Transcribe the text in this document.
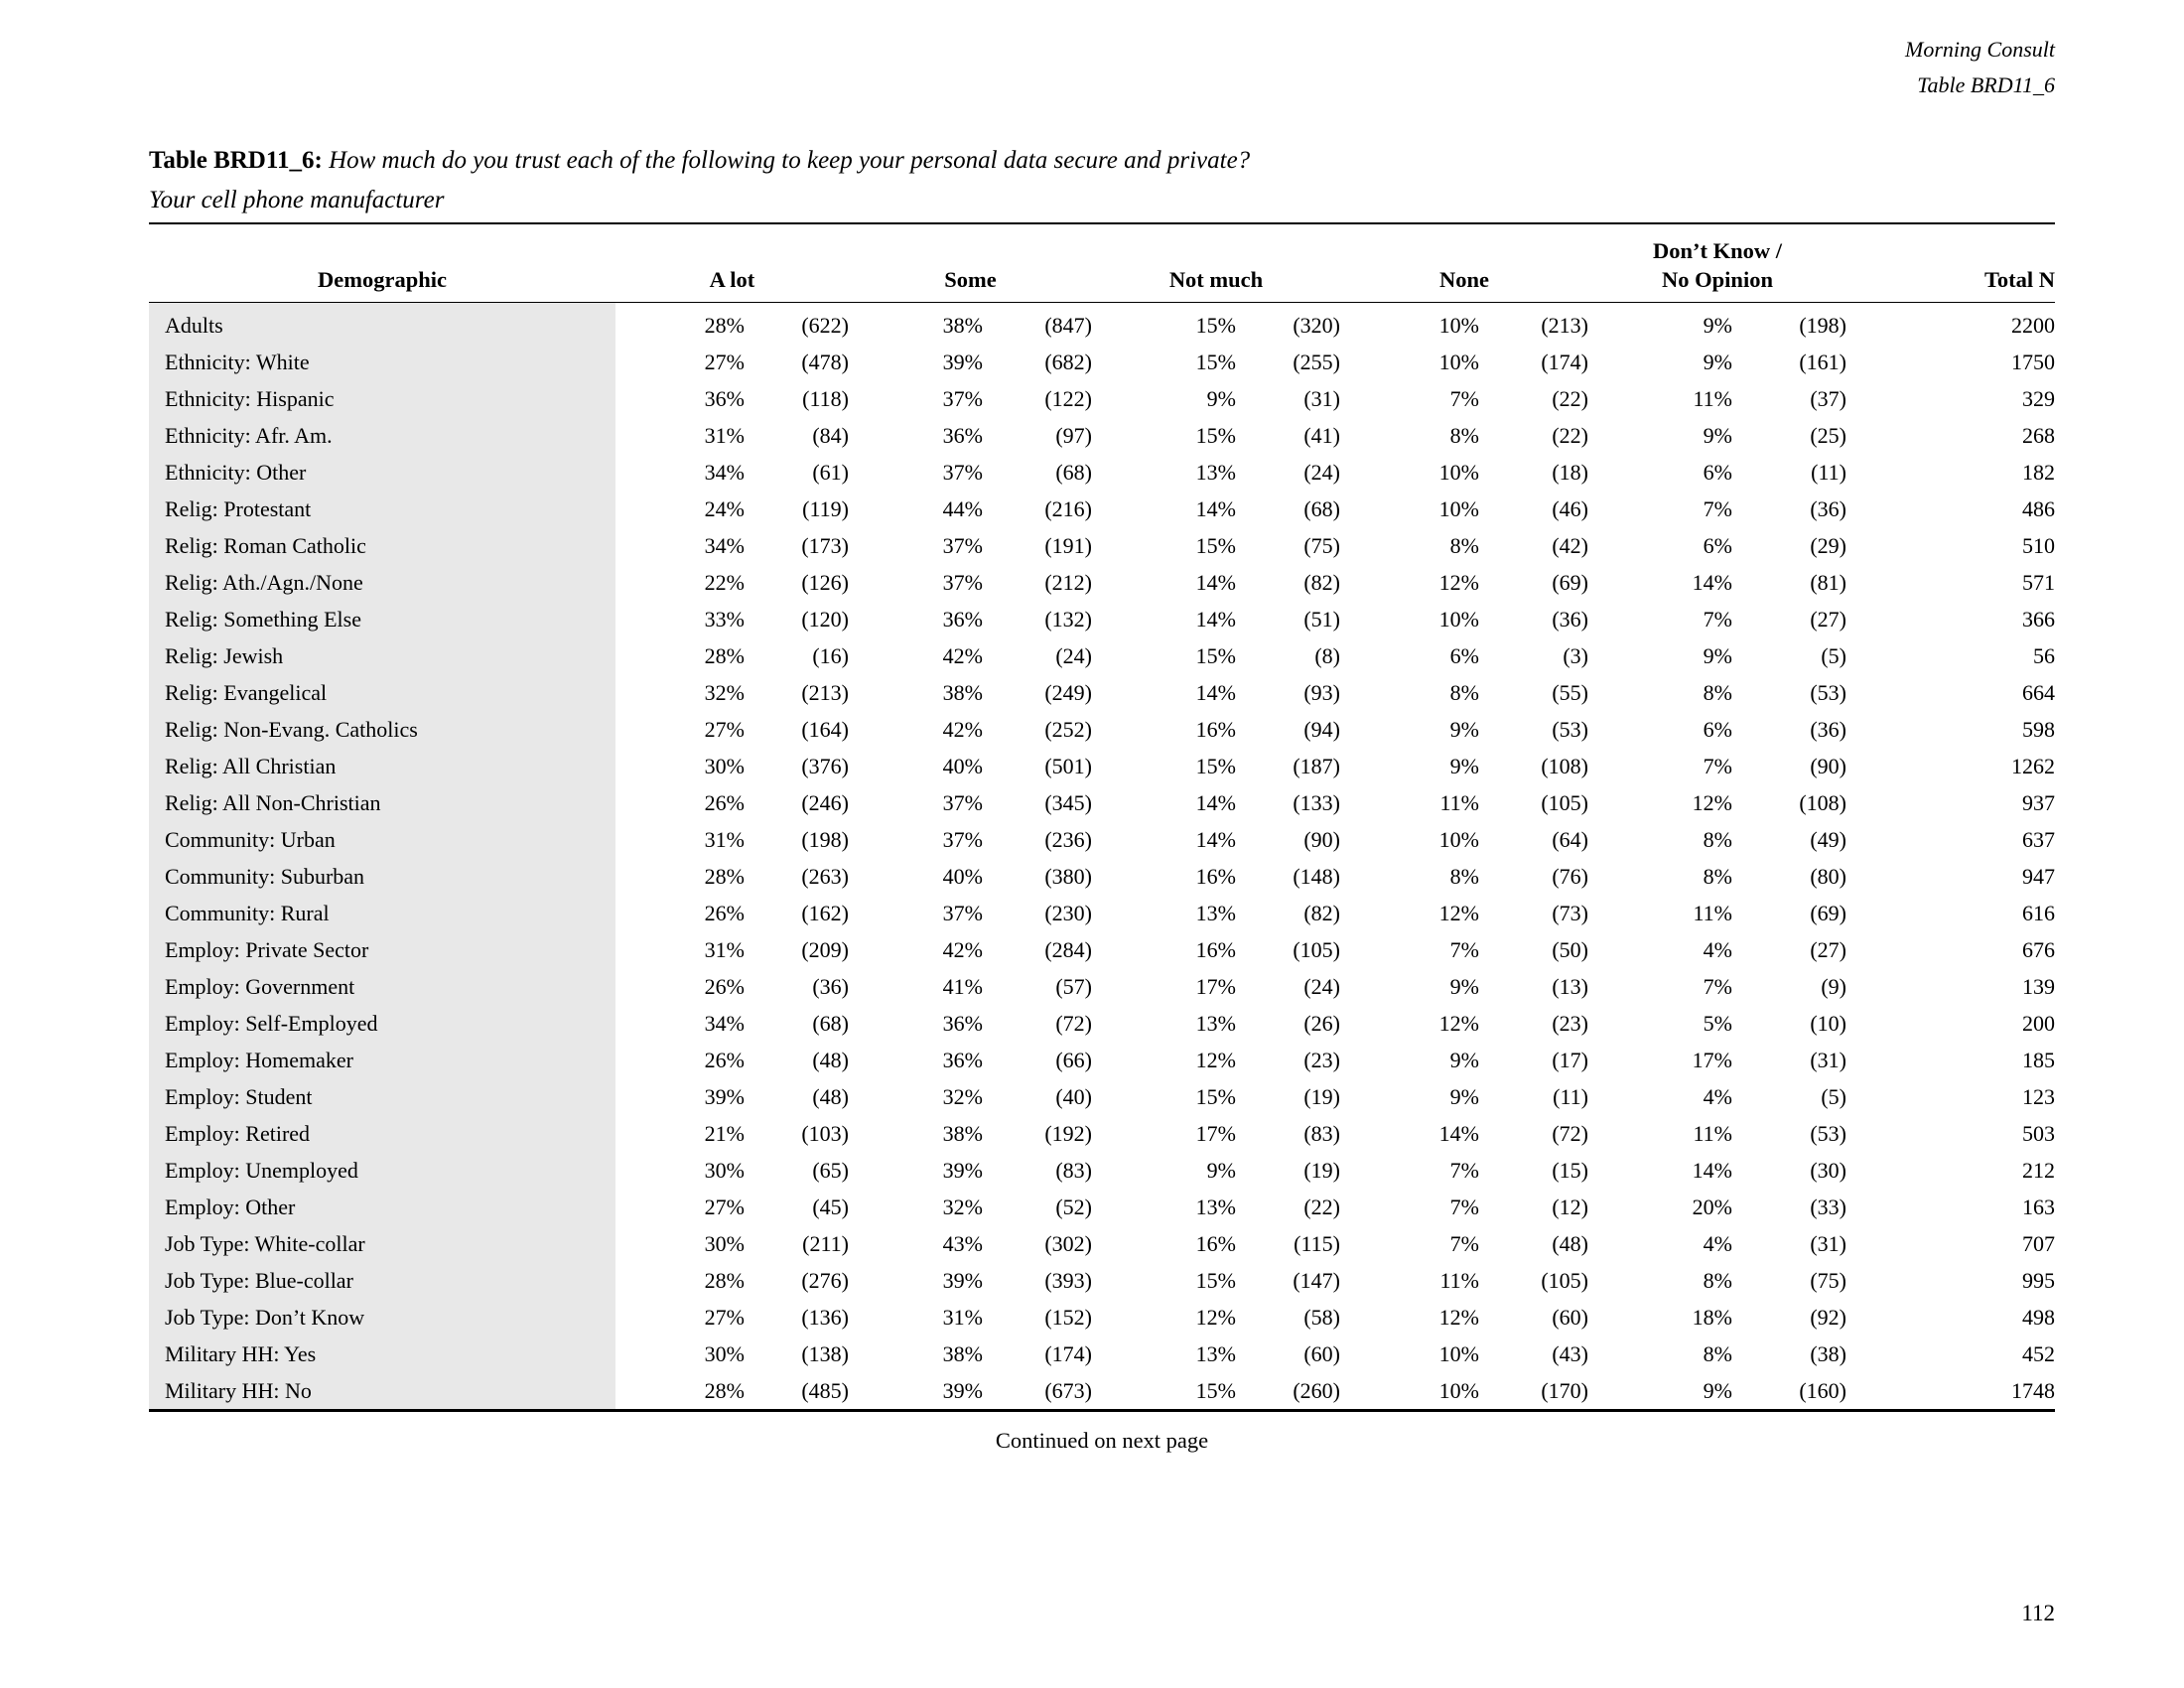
Morning Consult
Table BRD11_6
Table BRD11_6: How much do you trust each of the following to keep your personal data secure and private?
Your cell phone manufacturer
									Don’t Know /		
Demographic	A lot		Some		Not much		None		No Opinion		Total N
Adults	28%	(622)	38%	(847)	15%	(320)	10%	(213)	9%	(198)	2200
Ethnicity: White	27%	(478)	39%	(682)	15%	(255)	10%	(174)	9%	(161)	1750
Ethnicity: Hispanic	36%	(118)	37%	(122)	9%	(31)	7%	(22)	11%	(37)	329
Ethnicity: Afr. Am.	31%	(84)	36%	(97)	15%	(41)	8%	(22)	9%	(25)	268
Ethnicity: Other	34%	(61)	37%	(68)	13%	(24)	10%	(18)	6%	(11)	182
Relig: Protestant	24%	(119)	44%	(216)	14%	(68)	10%	(46)	7%	(36)	486
Relig: Roman Catholic	34%	(173)	37%	(191)	15%	(75)	8%	(42)	6%	(29)	510
Relig: Ath./Agn./None	22%	(126)	37%	(212)	14%	(82)	12%	(69)	14%	(81)	571
Relig: Something Else	33%	(120)	36%	(132)	14%	(51)	10%	(36)	7%	(27)	366
Relig: Jewish	28%	(16)	42%	(24)	15%	(8)	6%	(3)	9%	(5)	56
Relig: Evangelical	32%	(213)	38%	(249)	14%	(93)	8%	(55)	8%	(53)	664
Relig: Non-Evang. Catholics	27%	(164)	42%	(252)	16%	(94)	9%	(53)	6%	(36)	598
Relig: All Christian	30%	(376)	40%	(501)	15%	(187)	9%	(108)	7%	(90)	1262
Relig: All Non-Christian	26%	(246)	37%	(345)	14%	(133)	11%	(105)	12%	(108)	937
Community: Urban	31%	(198)	37%	(236)	14%	(90)	10%	(64)	8%	(49)	637
Community: Suburban	28%	(263)	40%	(380)	16%	(148)	8%	(76)	8%	(80)	947
Community: Rural	26%	(162)	37%	(230)	13%	(82)	12%	(73)	11%	(69)	616
Employ: Private Sector	31%	(209)	42%	(284)	16%	(105)	7%	(50)	4%	(27)	676
Employ: Government	26%	(36)	41%	(57)	17%	(24)	9%	(13)	7%	(9)	139
Employ: Self-Employed	34%	(68)	36%	(72)	13%	(26)	12%	(23)	5%	(10)	200
Employ: Homemaker	26%	(48)	36%	(66)	12%	(23)	9%	(17)	17%	(31)	185
Employ: Student	39%	(48)	32%	(40)	15%	(19)	9%	(11)	4%	(5)	123
Employ: Retired	21%	(103)	38%	(192)	17%	(83)	14%	(72)	11%	(53)	503
Employ: Unemployed	30%	(65)	39%	(83)	9%	(19)	7%	(15)	14%	(30)	212
Employ: Other	27%	(45)	32%	(52)	13%	(22)	7%	(12)	20%	(33)	163
Job Type: White-collar	30%	(211)	43%	(302)	16%	(115)	7%	(48)	4%	(31)	707
Job Type: Blue-collar	28%	(276)	39%	(393)	15%	(147)	11%	(105)	8%	(75)	995
Job Type: Don’t Know	27%	(136)	31%	(152)	12%	(58)	12%	(60)	18%	(92)	498
Military HH: Yes	30%	(138)	38%	(174)	13%	(60)	10%	(43)	8%	(38)	452
Military HH: No	28%	(485)	39%	(673)	15%	(260)	10%	(170)	9%	(160)	1748
Continued on next page
112
